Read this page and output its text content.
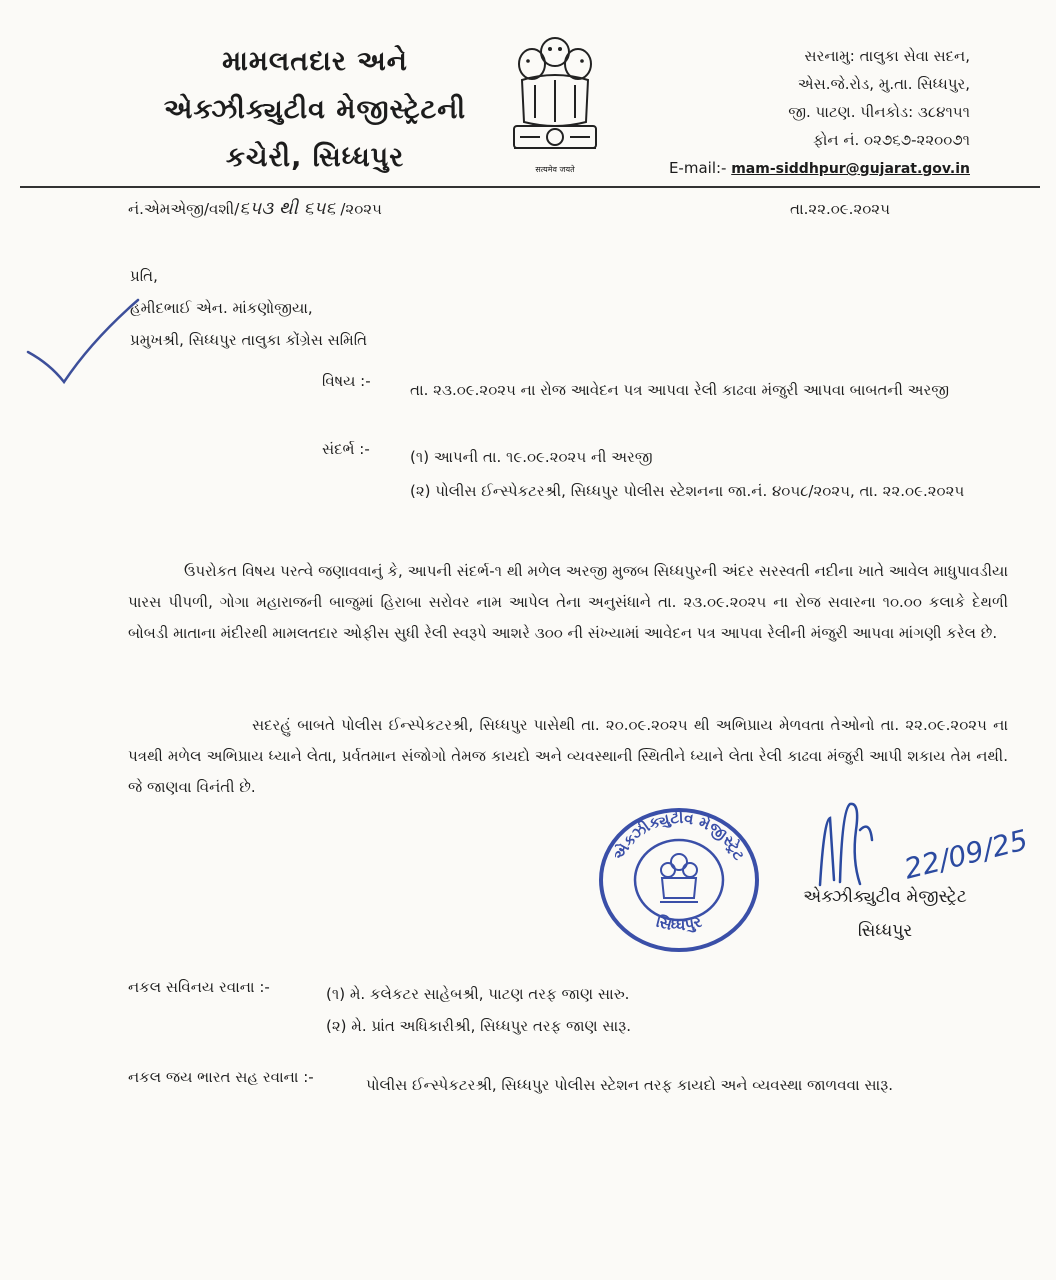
મામલતદાર અને
એક્ઝીક્યુટીવ મેજીસ્ટ્રેટની
કચેરી, સિધ્ધપુર	सत्यमेव जयते
સરનામુ: તાલુકા સેવા સદન,
એસ.જે.રોડ, મુ.તા. સિધ્ધપુર,
જી. પાટણ. પીનકોડ: ૩૮૪૧૫૧
ફોન નં. ૦૨૭૬૭-૨૨૦૦૭૧
E-mail:- mam-siddhpur@gujarat.gov.in
નં.એમએજી/વશી/૬૫૩ થી ૬૫૬ /૨૦૨૫	તા.૨૨.૦૯.૨૦૨૫
પ્રતિ,
હમીદભાઈ એન. માંકણોજીયા,
પ્રમુખશ્રી, સિધ્ધપુર તાલુકા કોંગ્રેસ સમિતિ
વિષય :-	તા. ૨૩.૦૯.૨૦૨૫ ના રોજ આવેદન પત્ર આપવા રેલી કાઢવા મંજુરી આપવા બાબતની અરજી
સંદર્ભ :-	(૧) આપની તા. ૧૯.૦૯.૨૦૨૫ ની અરજી
(૨) પોલીસ ઈન્સ્પેકટરશ્રી, સિધ્ધપુર પોલીસ સ્ટેશનના જા.નં. ૪૦૫૮/૨૦૨૫, તા. ૨૨.૦૯.૨૦૨૫
ઉપરોકત વિષય પરત્વે જણાવવાનું કે, આપની સંદર્ભ-૧ થી મળેલ અરજી મુજબ સિધ્ધપુરની અંદર સરસ્વતી નદીના ખાતે આવેલ માધુપાવડીયા પારસ પીપળી, ગોગા મહારાજની બાજુમાં હિરાબા સરોવર નામ આપેલ તેના અનુસંધાને તા. ૨૩.૦૯.૨૦૨૫ ના રોજ સવારના ૧૦.૦૦ કલાકે દેથળી બોબડી માતાના મંદીરથી મામલતદાર ઓફીસ સુધી રેલી સ્વરૂપે આશરે ૩૦૦ ની સંખ્યામાં આવેદન પત્ર આપવા રેલીની મંજુરી આપવા માંગણી કરેલ છે.
સદરહું બાબતે પોલીસ ઈન્સ્પેકટરશ્રી, સિધ્ધપુર પાસેથી તા. ૨૦.૦૯.૨૦૨૫ થી અભિપ્રાય મેળવતા તેઓનો તા. ૨૨.૦૯.૨૦૨૫ ના પત્રથી મળેલ અભિપ્રાય ધ્યાને લેતા, પ્રર્વતમાન સંજોગો તેમજ કાયદો અને વ્યવસ્થાની સ્થિતીને ધ્યાને લેતા રેલી કાઢવા મંજુરી આપી શકાય તેમ નથી. જે જાણવા વિનંતી છે.
એક્ઝીક્યુટીવ મેજીસ્ટ્રેટ
સિધ્ધપુર
22/09/25
એક્ઝીક્યુટીવ મેજીસ્ટ્રેટ
સિધ્ધપુર
નકલ સવિનય રવાના :-	(૧) મે. કલેકટર સાહેબશ્રી, પાટણ તરફ જાણ સારુ.
(૨) મે. પ્રાંત અધિકારીશ્રી, સિધ્ધપુર તરફ જાણ સારૂ.
નકલ જય ભારત સહ રવાના :-	પોલીસ ઈન્સ્પેકટરશ્રી, સિધ્ધપુર પોલીસ સ્ટેશન તરફ કાયદો અને વ્યવસ્થા જાળવવા સારૂ.
